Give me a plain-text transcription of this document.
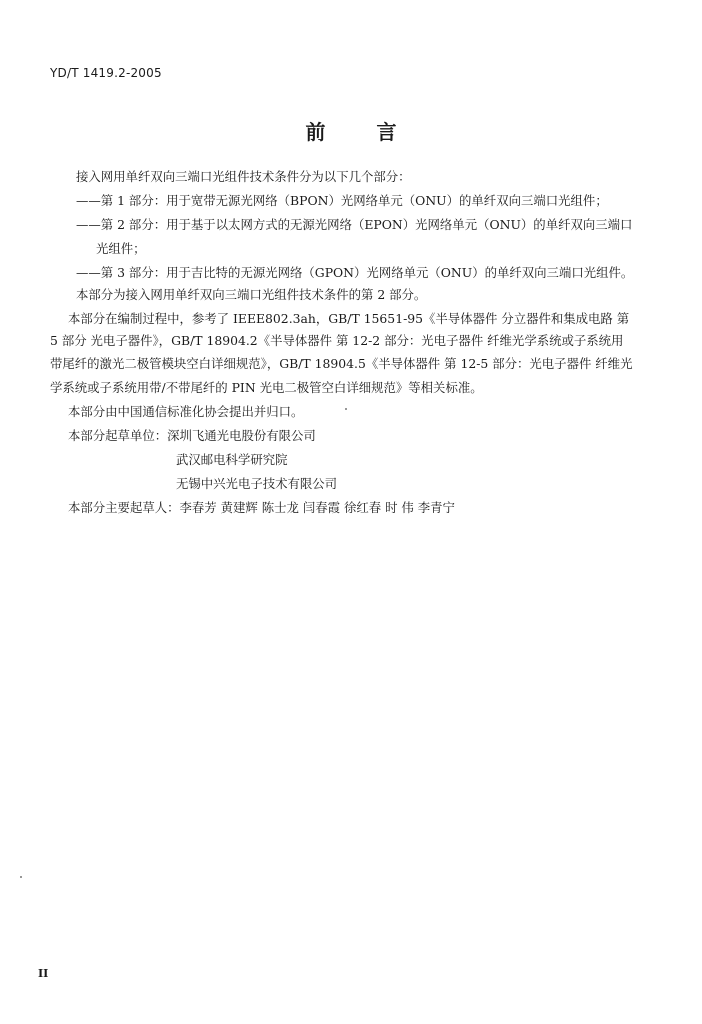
YD/T 1419.2-2005
前 言
接入网用单纤双向三端口光组件技术条件分为以下几个部分：
——第 1 部分：用于宽带无源光网络（BPON）光网络单元（ONU）的单纤双向三端口光组件；
——第 2 部分：用于基于以太网方式的无源光网络（EPON）光网络单元（ONU）的单纤双向三端口
光组件；
——第 3 部分：用于吉比特的无源光网络（GPON）光网络单元（ONU）的单纤双向三端口光组件。
本部分为接入网用单纤双向三端口光组件技术条件的第 2 部分。
本部分在编制过程中，参考了 IEEE802.3ah，GB/T 15651-95《半导体器件 分立器件和集成电路 第
5 部分 光电子器件》，GB/T 18904.2《半导体器件 第 12-2 部分：光电子器件 纤维光学系统或子系统用
带尾纤的激光二极管模块空白详细规范》，GB/T 18904.5《半导体器件 第 12-5 部分：光电子器件 纤维光
学系统或子系统用带/不带尾纤的 PIN 光电二极管空白详细规范》等相关标准。
本部分由中国通信标准化协会提出并归口。
本部分起草单位：深圳飞通光电股份有限公司
武汉邮电科学研究院
无锡中兴光电子技术有限公司
本部分主要起草人：李春芳 黄建辉 陈士龙 闫春霞 徐红春 时 伟 李青宁
II
